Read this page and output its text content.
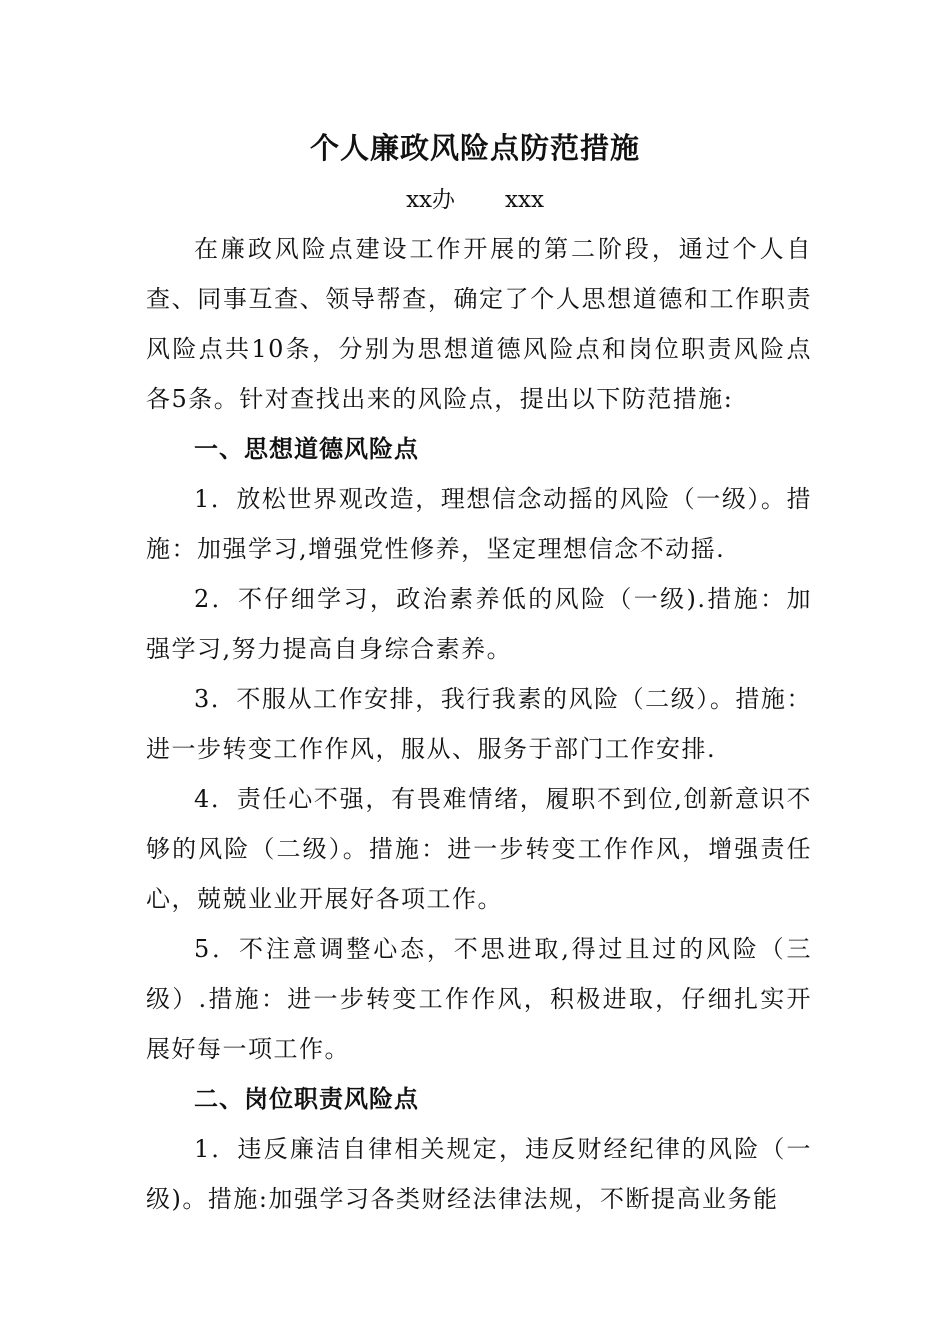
个人廉政风险点防范措施
xx办 xxx

在廉政风险点建设工作开展的第二阶段，通过个人自查、同事互查、领导帮查，确定了个人思想道德和工作职责风险点共10条，分别为思想道德风险点和岗位职责风险点各5条。针对查找出来的风险点，提出以下防范措施:

一、思想道德风险点

1．放松世界观改造，理想信念动摇的风险（一级）。措施：加强学习,增强党性修养，坚定理想信念不动摇.

2．不仔细学习，政治素养低的风险（一级).措施：加强学习,努力提高自身综合素养。

3．不服从工作安排，我行我素的风险（二级）。措施：进一步转变工作作风，服从、服务于部门工作安排.

4．责任心不强，有畏难情绪，履职不到位,创新意识不够的风险（二级）。措施：进一步转变工作作风，增强责任心，兢兢业业开展好各项工作。

5．不注意调整心态，不思进取,得过且过的风险（三级）.措施：进一步转变工作作风，积极进取，仔细扎实开展好每一项工作。

二、岗位职责风险点

1．违反廉洁自律相关规定，违反财经纪律的风险（一级)。措施:加强学习各类财经法律法规，不断提高业务能
